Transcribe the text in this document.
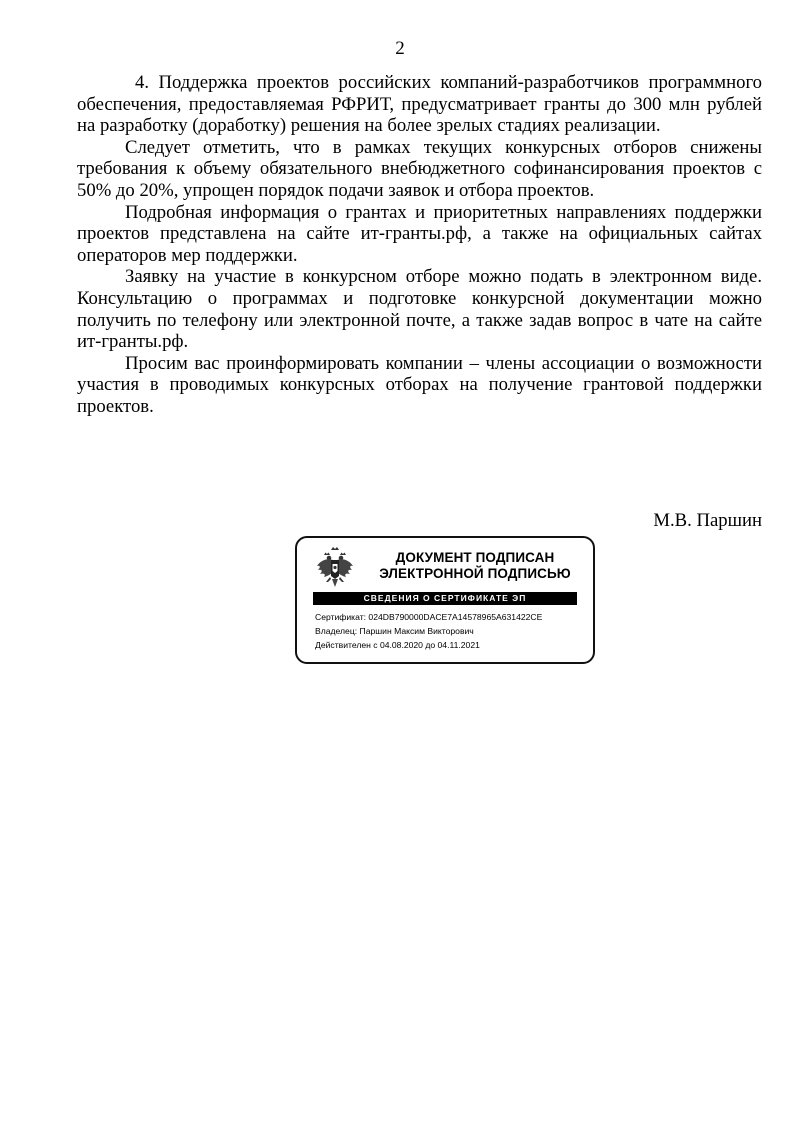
2

4. Поддержка проектов российских компаний-разработчиков программного обеспечения, предоставляемая РФРИТ, предусматривает гранты до 300 млн рублей на разработку (доработку) решения на более зрелых стадиях реализации.

Следует отметить, что в рамках текущих конкурсных отборов снижены требования к объему обязательного внебюджетного софинансирования проектов с 50% до 20%, упрощен порядок подачи заявок и отбора проектов.

Подробная информация о грантах и приоритетных направлениях поддержки проектов представлена на сайте ит-гранты.рф, а также на официальных сайтах операторов мер поддержки.

Заявку на участие в конкурсном отборе можно подать в электронном виде. Консультацию о программах и подготовке конкурсной документации можно получить по телефону или электронной почте, а также задав вопрос в чате на сайте ит-гранты.рф.

Просим вас проинформировать компании – члены ассоциации о возможности участия в проводимых конкурсных отборах на получение грантовой поддержки проектов.

М.В. Паршин
ДОКУМЕНТ ПОДПИСАН
ЭЛЕКТРОННОЙ ПОДПИСЬЮ
СВЕДЕНИЯ О СЕРТИФИКАТЕ ЭП
Сертификат: 024DB790000DACE7A14578965A631422CE
Владелец: Паршин Максим Викторович
Действителен с 04.08.2020 до 04.11.2021
